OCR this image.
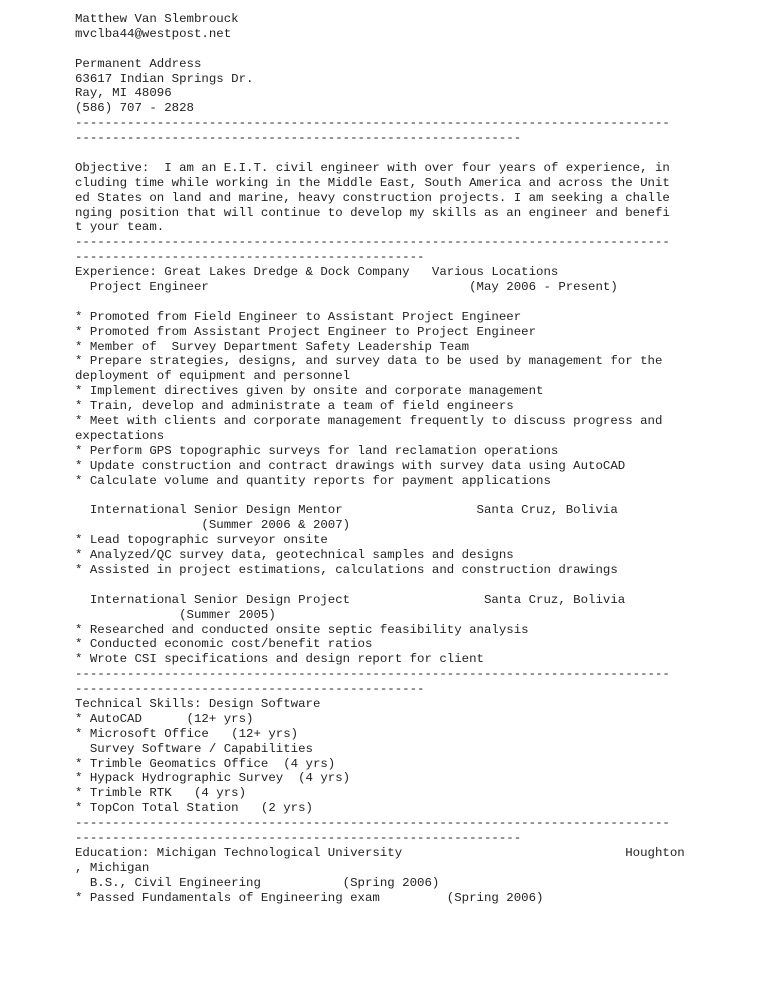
Matthew Van Slembrouck
mvclba44@westpost.net
Permanent Address
63617 Indian Springs Dr.
Ray, MI 48096
(586) 707 - 2828
--------------------------------------------------------------------------------
------------------------------------------------------------
Objective:  I am an E.I.T. civil engineer with over four years of experience, in
cluding time while working in the Middle East, South America and across the Unit
ed States on land and marine, heavy construction projects. I am seeking a challe
nging position that will continue to develop my skills as an engineer and benefi
t your team.
--------------------------------------------------------------------------------
-----------------------------------------------
Experience: Great Lakes Dredge & Dock Company   Various Locations
Project Engineer                                   (May 2006 - Present)
* Promoted from Field Engineer to Assistant Project Engineer
* Promoted from Assistant Project Engineer to Project Engineer
* Member of  Survey Department Safety Leadership Team
* Prepare strategies, designs, and survey data to be used by management for the
deployment of equipment and personnel
* Implement directives given by onsite and corporate management
* Train, develop and administrate a team of field engineers
* Meet with clients and corporate management frequently to discuss progress and
expectations
* Perform GPS topographic surveys for land reclamation operations
* Update construction and contract drawings with survey data using AutoCAD
* Calculate volume and quantity reports for payment applications
International Senior Design Mentor                  Santa Cruz, Bolivia
(Summer 2006 & 2007)
* Lead topographic surveyor onsite
* Analyzed/QC survey data, geotechnical samples and designs
* Assisted in project estimations, calculations and construction drawings
International Senior Design Project                  Santa Cruz, Bolivia
(Summer 2005)
* Researched and conducted onsite septic feasibility analysis
* Conducted economic cost/benefit ratios
* Wrote CSI specifications and design report for client
--------------------------------------------------------------------------------
-----------------------------------------------
Technical Skills: Design Software
* AutoCAD      (12+ yrs)
* Microsoft Office   (12+ yrs)
Survey Software / Capabilities
* Trimble Geomatics Office  (4 yrs)
* Hypack Hydrographic Survey  (4 yrs)
* Trimble RTK   (4 yrs)
* TopCon Total Station   (2 yrs)
--------------------------------------------------------------------------------
------------------------------------------------------------
Education: Michigan Technological University                              Houghton
, Michigan
B.S., Civil Engineering           (Spring 2006)
* Passed Fundamentals of Engineering exam         (Spring 2006)
